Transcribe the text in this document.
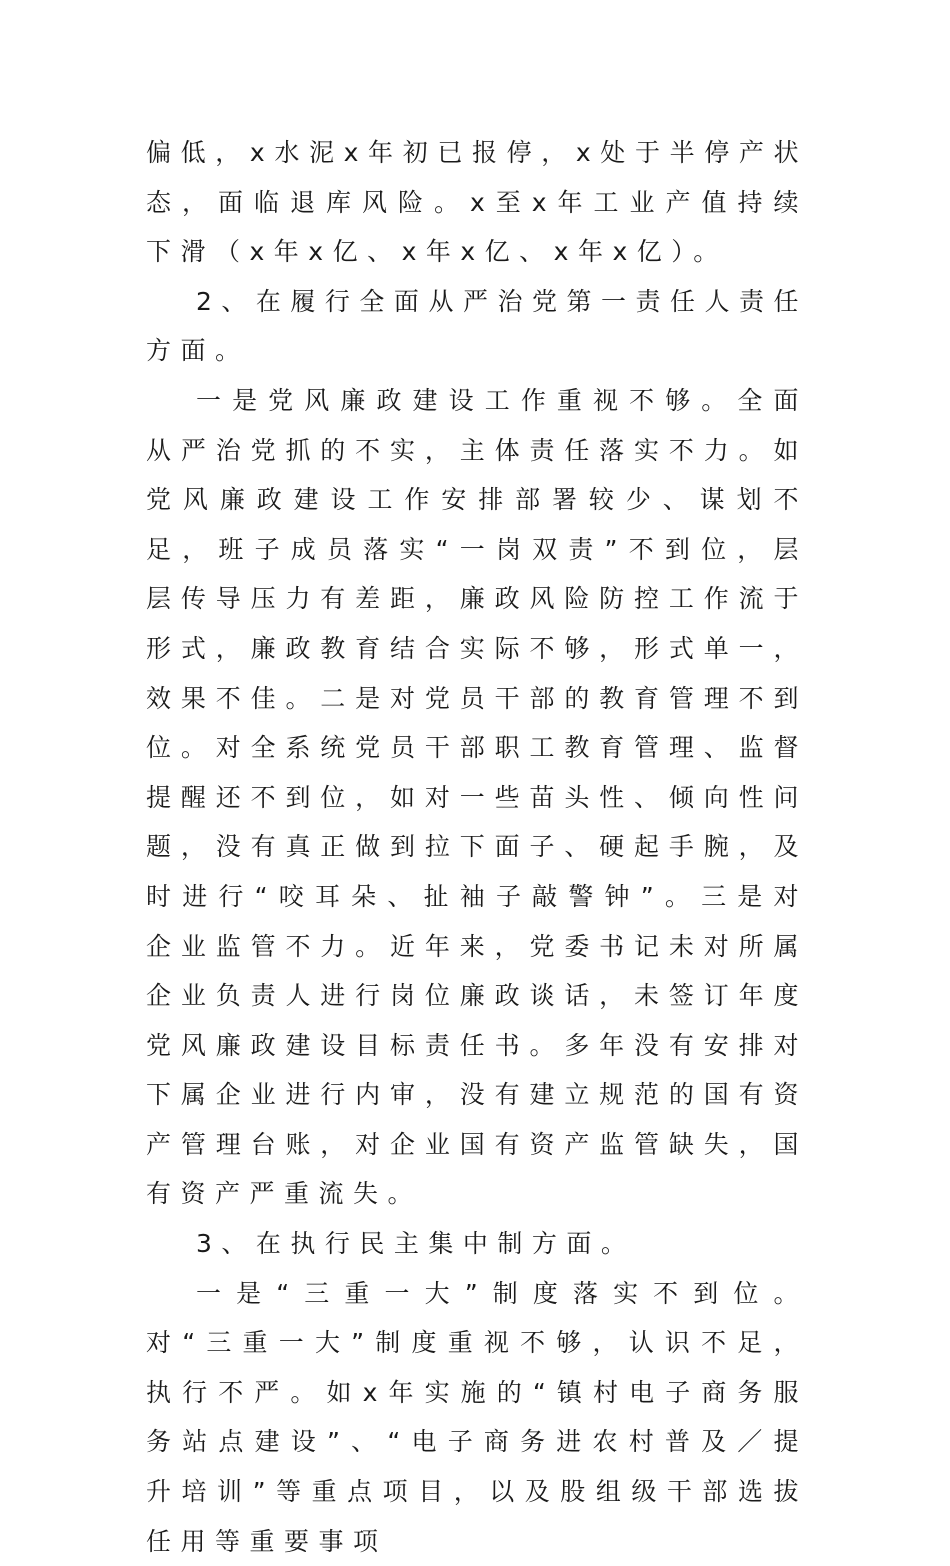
偏低，x水泥x年初已报停，x处于半停产状态，面临退库风险。x至x年工业产值持续下滑（x年x亿、x年x亿、x年x亿）。

2、在履行全面从严治党第一责任人责任方面。

一是党风廉政建设工作重视不够。全面从严治党抓的不实，主体责任落实不力。如党风廉政建设工作安排部署较少、谋划不足，班子成员落实“一岗双责”不到位，层层传导压力有差距，廉政风险防控工作流于形式，廉政教育结合实际不够，形式单一，效果不佳。二是对党员干部的教育管理不到位。对全系统党员干部职工教育管理、监督提醒还不到位，如对一些苗头性、倾向性问题，没有真正做到拉下面子、硬起手腕，及时进行“咬耳朵、扯袖子敲警钟”。三是对企业监管不力。近年来，党委书记未对所属企业负责人进行岗位廉政谈话，未签订年度党风廉政建设目标责任书。多年没有安排对下属企业进行内审，没有建立规范的国有资产管理台账，对企业国有资产监管缺失，国有资产严重流失。

3、在执行民主集中制方面。

一是“三重一大”制度落实不到位。对“三重一大”制度重视不够，认识不足，执行不严。如x年实施的“镇村电子商务服务站点建设”、“电子商务进农村普及／提升培训”等重点项目，以及股组级干部选拔任用等重要事项
